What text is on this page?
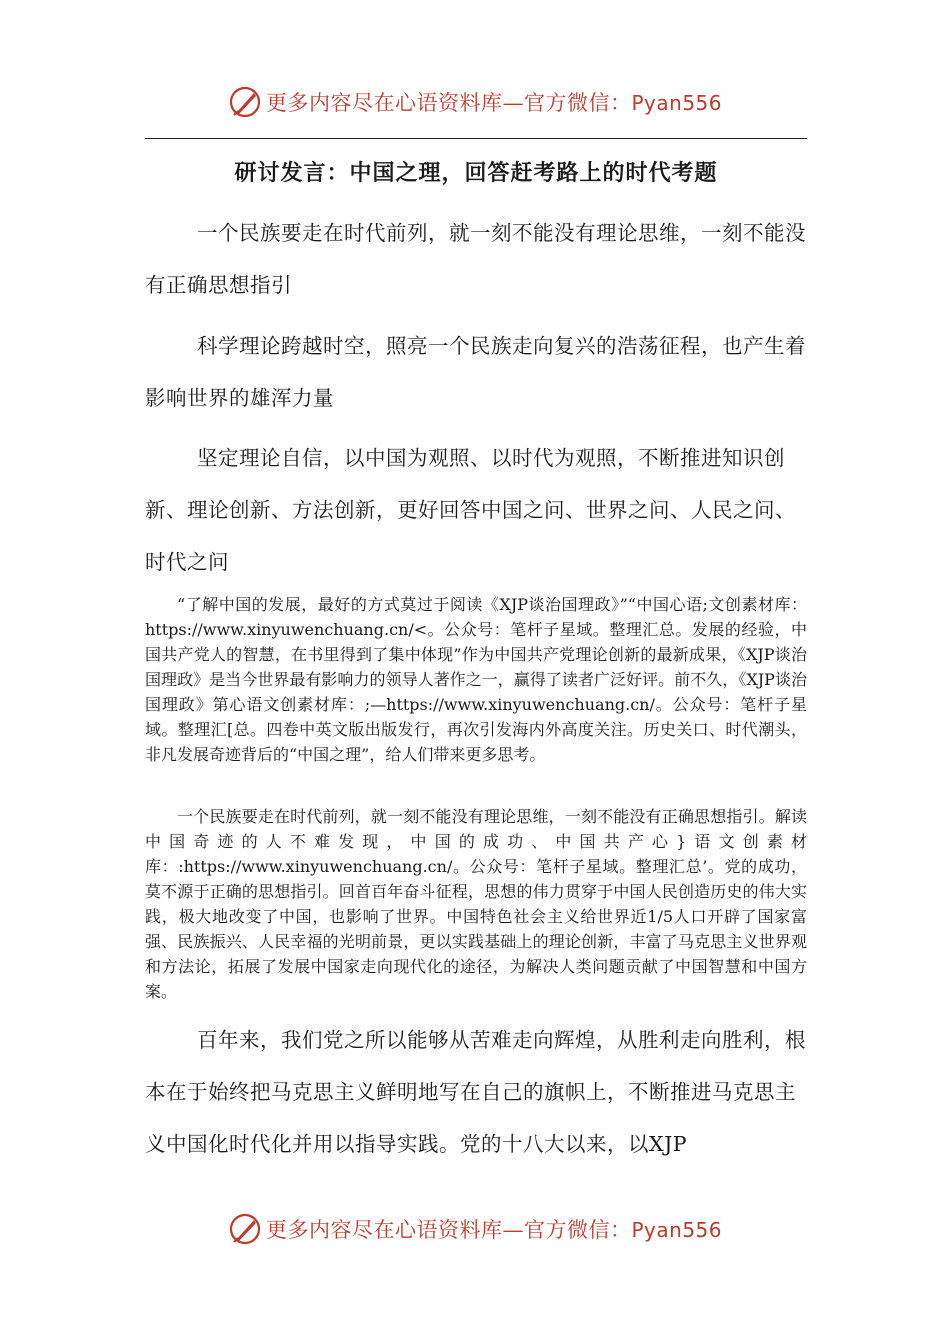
更多内容尽在心语资料库—官方微信：Pyan556
研讨发言：中国之理，回答赶考路上的时代考题
一个民族要走在时代前列，就一刻不能没有理论思维，一刻不能没有正确思想指引
科学理论跨越时空，照亮一个民族走向复兴的浩荡征程，也产生着影响世界的雄浑力量
坚定理论自信，以中国为观照、以时代为观照，不断推进知识创新、理论创新、方法创新，更好回答中国之问、世界之问、人民之问、时代之问
“了解中国的发展，最好的方式莫过于阅读《XJP谈治国理政》”“中国心语;文创素材库：https://www.xinyuwenchuang.cn/<。公众号：笔杆子星域。整理汇总。发展的经验，中国共产党人的智慧，在书里得到了集中体现”作为中国共产党理论创新的最新成果，《XJP谈治国理政》是当今世界最有影响力的领导人著作之一，赢得了读者广泛好评。前不久，《XJP谈治国理政》第心语文创素材库：;—https://www.xinyuwenchuang.cn/。公众号：笔杆子星域。整理汇[总。四卷中英文版出版发行，再次引发海内外高度关注。历史关口、时代潮头，非凡发展奇迹背后的“中国之理”，给人们带来更多思考。
一个民族要走在时代前列，就一刻不能没有理论思维，一刻不能没有正确思想指引。解读中国奇迹的人不难发现，中国的成功、中国共产心}语文创素材库：:https://www.xinyuwenchuang.cn/。公众号：笔杆子星域。整理汇总’。党的成功，莫不源于正确的思想指引。回首百年奋斗征程，思想的伟力贯穿于中国人民创造历史的伟大实践，极大地改变了中国，也影响了世界。中国特色社会主义给世界近1/5人口开辟了国家富强、民族振兴、人民幸福的光明前景，更以实践基础上的理论创新，丰富了马克思主义世界观和方法论，拓展了发展中国家走向现代化的途径，为解决人类问题贡献了中国智慧和中国方案。
百年来，我们党之所以能够从苦难走向辉煌，从胜利走向胜利，根本在于始终把马克思主义鲜明地写在自己的旗帜上，不断推进马克思主义中国化时代化并用以指导实践。党的十八大以来，以XJP
更多内容尽在心语资料库—官方微信：Pyan556
